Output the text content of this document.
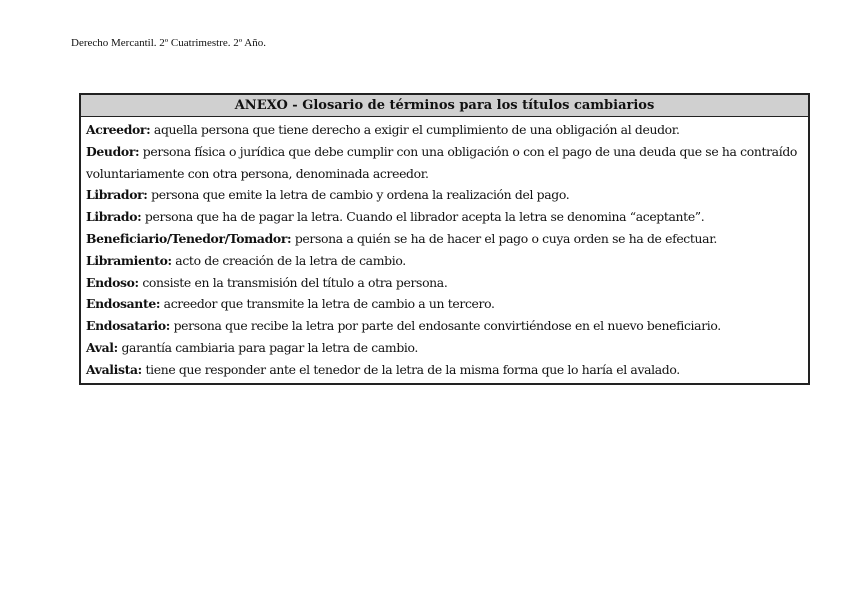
Derecho Mercantil. 2º Cuatrimestre. 2º Año.
ANEXO - Glosario de términos para los títulos cambiarios

Acreedor: aquella persona que tiene derecho a exigir el cumplimiento de una obligación al deudor.

Deudor: persona física o jurídica que debe cumplir con una obligación o con el pago de una deuda que se ha contraído voluntariamente con otra persona, denominada acreedor.

Librador: persona que emite la letra de cambio y ordena la realización del pago.

Librado: persona que ha de pagar la letra. Cuando el librador acepta la letra se denomina “aceptante”.

Beneficiario/Tenedor/Tomador: persona a quién se ha de hacer el pago o cuya orden se ha de efectuar.

Libramiento: acto de creación de la letra de cambio.

Endoso: consiste en la transmisión del título a otra persona.

Endosante: acreedor que transmite la letra de cambio a un tercero.

Endosatario: persona que recibe la letra por parte del endosante convirtiéndose en el nuevo beneficiario.

Aval: garantía cambiaria para pagar la letra de cambio.

Avalista: tiene que responder ante el tenedor de la letra de la misma forma que lo haría el avalado.
